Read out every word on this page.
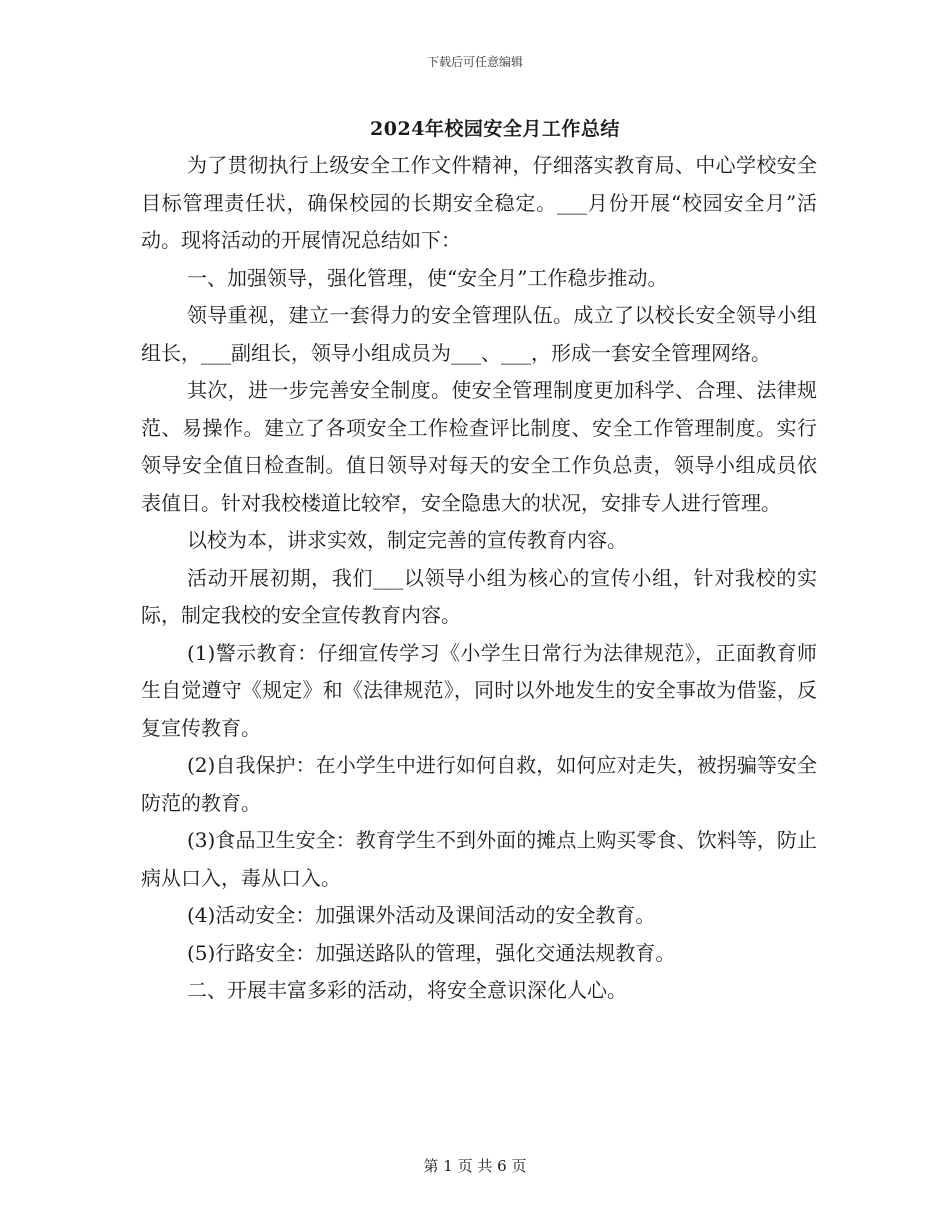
下载后可任意编辑
2024年校园安全月工作总结

为了贯彻执行上级安全工作文件精神，仔细落实教育局、中心学校安全目标管理责任状，确保校园的长期安全稳定。___月份开展“校园安全月”活动。现将活动的开展情况总结如下：

一、加强领导，强化管理，使“安全月”工作稳步推动。

领导重视，建立一套得力的安全管理队伍。成立了以校长安全领导小组组长，___副组长，领导小组成员为___、___，形成一套安全管理网络。

其次，进一步完善安全制度。使安全管理制度更加科学、合理、法律规范、易操作。建立了各项安全工作检查评比制度、安全工作管理制度。实行领导安全值日检查制。值日领导对每天的安全工作负总责，领导小组成员依表值日。针对我校楼道比较窄，安全隐患大的状况，安排专人进行管理。

以校为本，讲求实效，制定完善的宣传教育内容。

活动开展初期，我们___以领导小组为核心的宣传小组，针对我校的实际，制定我校的安全宣传教育内容。

(1)警示教育：仔细宣传学习《小学生日常行为法律规范》，正面教育师生自觉遵守《规定》和《法律规范》，同时以外地发生的安全事故为借鉴，反复宣传教育。

(2)自我保护：在小学生中进行如何自救，如何应对走失，被拐骗等安全防范的教育。

(3)食品卫生安全：教育学生不到外面的摊点上购买零食、饮料等，防止病从口入，毒从口入。

(4)活动安全：加强课外活动及课间活动的安全教育。

(5)行路安全：加强送路队的管理，强化交通法规教育。

二、开展丰富多彩的活动，将安全意识深化人心。

第 1 页 共 6 页
